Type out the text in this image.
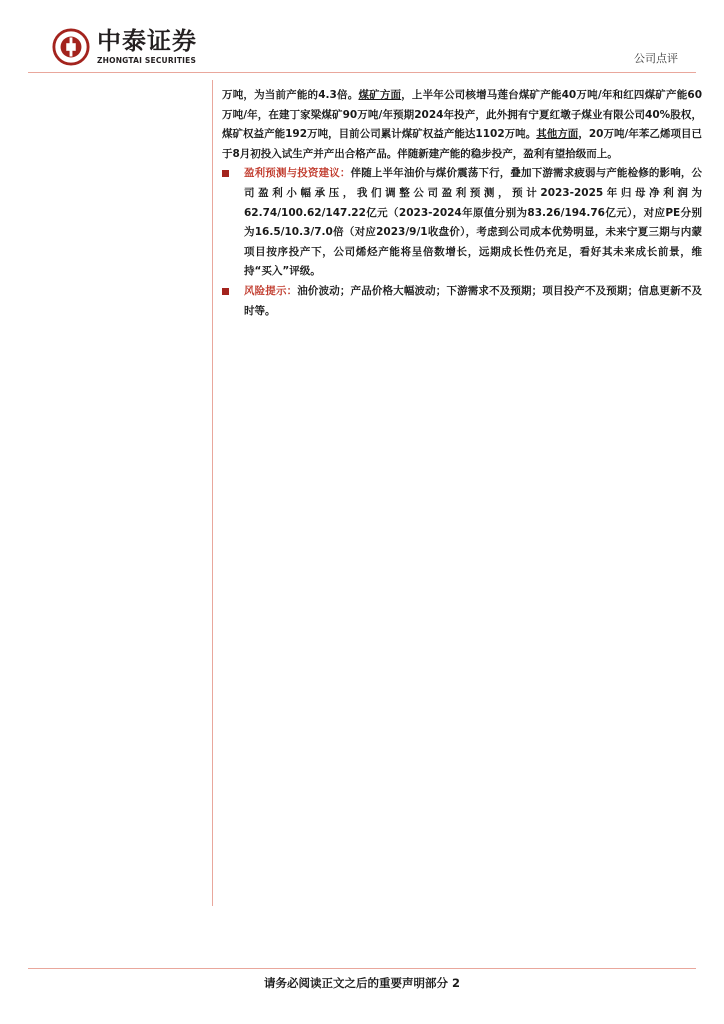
中泰证券
ZHONGTAI SECURITIES	公司点评

万吨，为当前产能的4.3倍。煤矿方面，上半年公司核增马莲台煤矿产能40万吨/年和红四煤矿产能60万吨/年，在建丁家梁煤矿90万吨/年预期2024年投产，此外拥有宁夏红墩子煤业有限公司40%股权，煤矿权益产能192万吨，目前公司累计煤矿权益产能达1102万吨。其他方面，20万吨/年苯乙烯项目已于8月初投入试生产并产出合格产品。伴随新建产能的稳步投产，盈利有望拾级而上。

盈利预测与投资建议：伴随上半年油价与煤价震荡下行，叠加下游需求疲弱与产能检修的影响，公司盈利小幅承压，我们调整公司盈利预测，预计2023-2025年归母净利润为62.74/100.62/147.22亿元（2023-2024年原值分别为83.26/194.76亿元），对应PE分别为16.5/10.3/7.0倍（对应2023/9/1收盘价），考虑到公司成本优势明显，未来宁夏三期与内蒙项目按序投产下，公司烯烃产能将呈倍数增长，远期成长性仍充足，看好其未来成长前景，维持“买入”评级。

风险提示：油价波动；产品价格大幅波动；下游需求不及预期；项目投产不及预期；信息更新不及时等。

请务必阅读正文之后的重要声明部分 2
